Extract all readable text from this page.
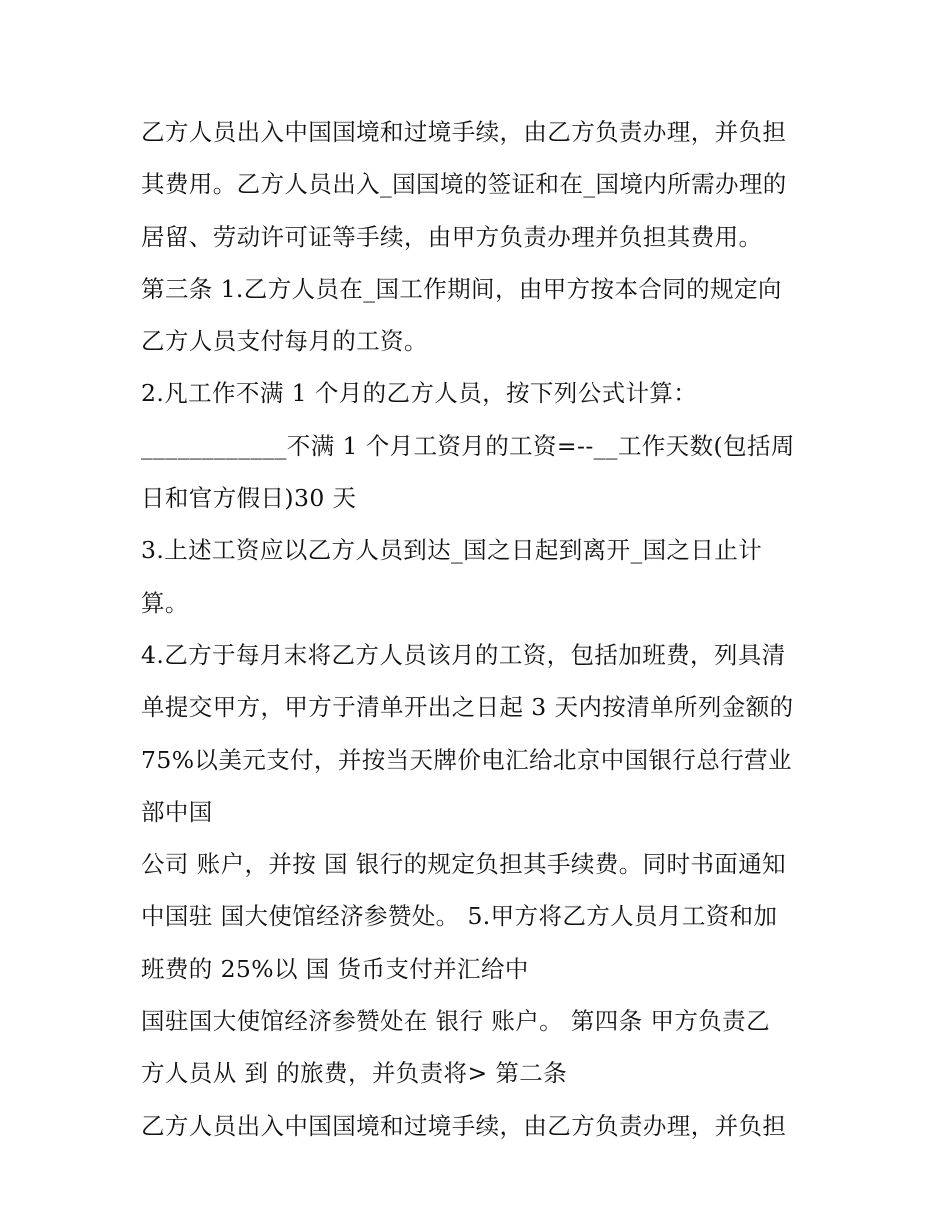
乙方人员出入中国国境和过境手续，由乙方负责办理，并负担
其费用。乙方人员出入_国国境的签证和在_国境内所需办理的
居留、劳动许可证等手续，由甲方负责办理并负担其费用。
第三条 1.乙方人员在_国工作期间，由甲方按本合同的规定向
乙方人员支付每月的工资。
2.凡工作不满 1 个月的乙方人员，按下列公式计算：
____________不满 1 个月工资月的工资=--__工作天数(包括周
日和官方假日)30 天
3.上述工资应以乙方人员到达_国之日起到离开_国之日止计
算。
4.乙方于每月末将乙方人员该月的工资，包括加班费，列具清
单提交甲方，甲方于清单开出之日起 3 天内按清单所列金额的
75%以美元支付，并按当天牌价电汇给北京中国银行总行营业
部中国
公司 账户，并按 国 银行的规定负担其手续费。同时书面通知
中国驻 国大使馆经济参赞处。 5.甲方将乙方人员月工资和加
班费的 25%以 国 货币支付并汇给中
国驻国大使馆经济参赞处在 银行 账户。 第四条 甲方负责乙
方人员从 到 的旅费，并负责将> 第二条
乙方人员出入中国国境和过境手续，由乙方负责办理，并负担
